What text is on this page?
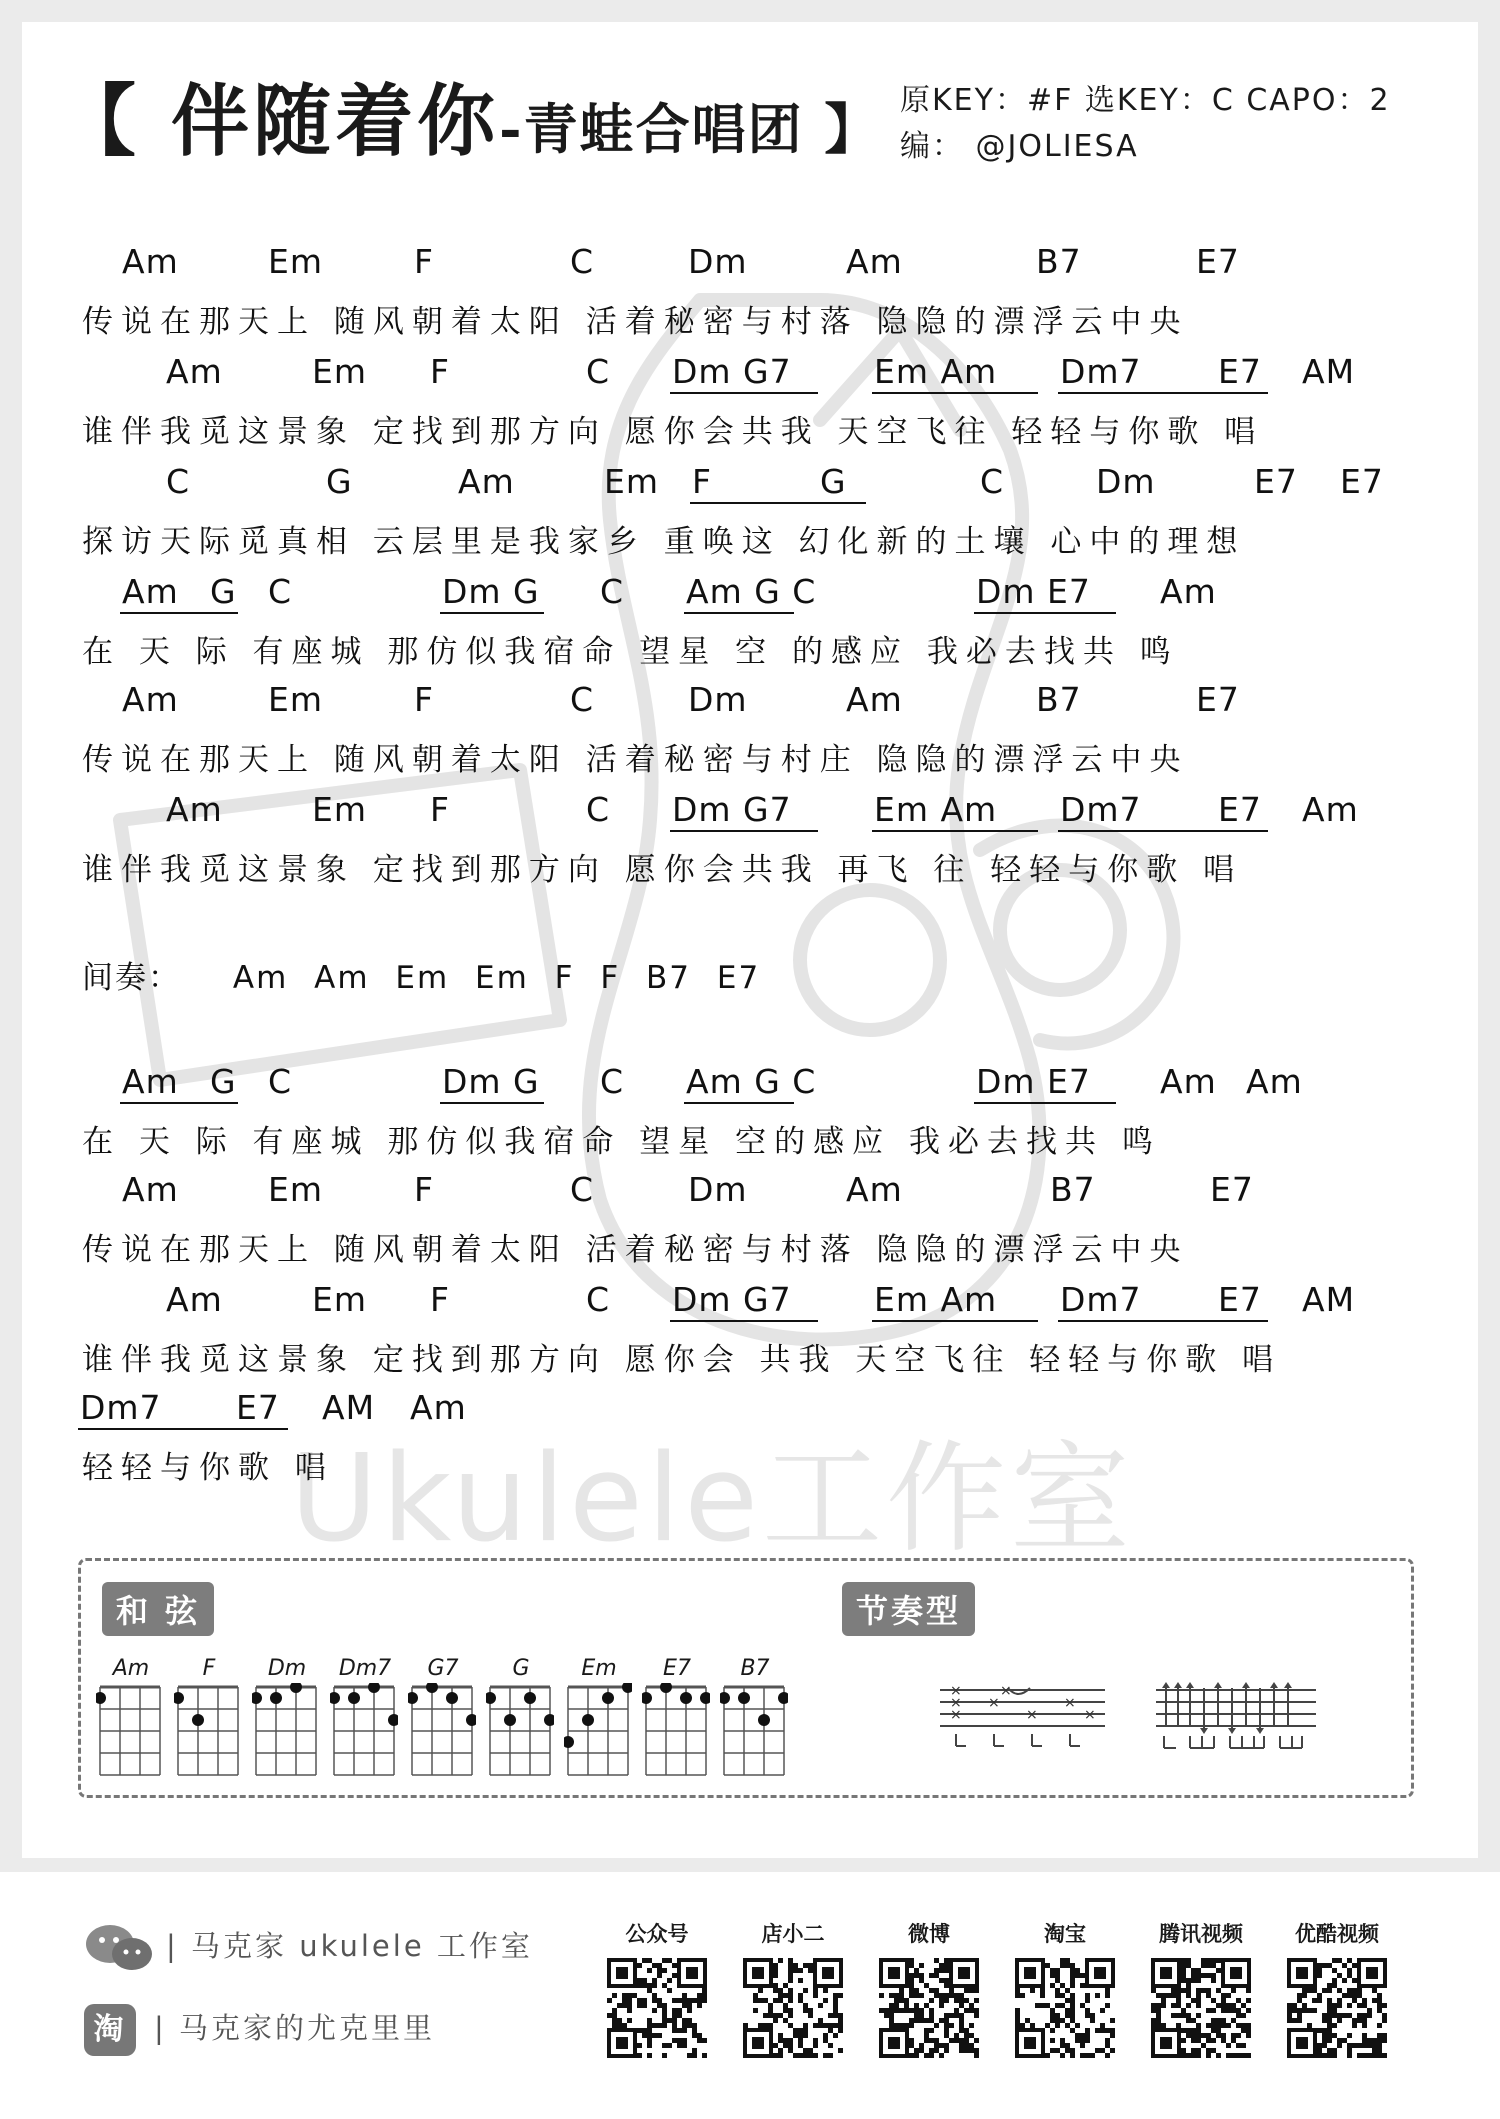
Ukulele工作室
【 伴随着你-青蛙合唱团 】 原KEY：#F 选KEY：C CAPO：2
编： @JOLIESA
Am	Em	F	C	Dm	Am	B7	E7
传说在那天上 随风朝着太阳 活着秘密与村落 隐隐的漂浮云中央
Am	Em F	C Dm G7 Em Am Dm7 E7 AM
谁伴我觅这景象 定找到那方向 愿你会共我 天空飞往 轻轻与你歌 唱
C	G	Am	Em F	G	C	Dm	E7 E7
探访天际觅真相 云层里是我家乡 重唤这 幻化新的土壤 心中的理想
Am G C	Dm G C Am G C	Dm E7 Am
在 天 际 有座城 那仿似我宿命 望星 空 的感应 我必去找共 鸣
Am	Em	F	C	Dm	Am	B7	E7
传说在那天上 随风朝着太阳 活着秘密与村庄 隐隐的漂浮云中央
Am	Em F	C Dm G7 Em Am Dm7 E7 Am
谁伴我觅这景象 定找到那方向 愿你会共我 再飞 往 轻轻与你歌 唱
间奏： Am Am Em Em F F B7 E7
Am G C	Dm G C Am G C	Dm E7 Am Am
在 天 际 有座城 那仿似我宿命 望星 空的感应 我必去找共 鸣
Am	Em	F	C	Dm	Am	B7	E7
传说在那天上 随风朝着太阳 活着秘密与村落 隐隐的漂浮云中央
Am	Em F	C Dm G7 Em Am Dm7 E7 AM
谁伴我觅这景象 定找到那方向 愿你会 共我 天空飞往 轻轻与你歌 唱
Dm7 E7 AM Am
轻轻与你歌 唱
和 弦	节奏型
Am	F	Dm	Dm7	G7	G	Em	E7	B7
×
×
×
×
×
×
×
×
| 马克家 ukulele 工作室
淘 | 马克家的尤克里里
公众号	店小二	微博	淘宝	腾讯视频	优酷视频
